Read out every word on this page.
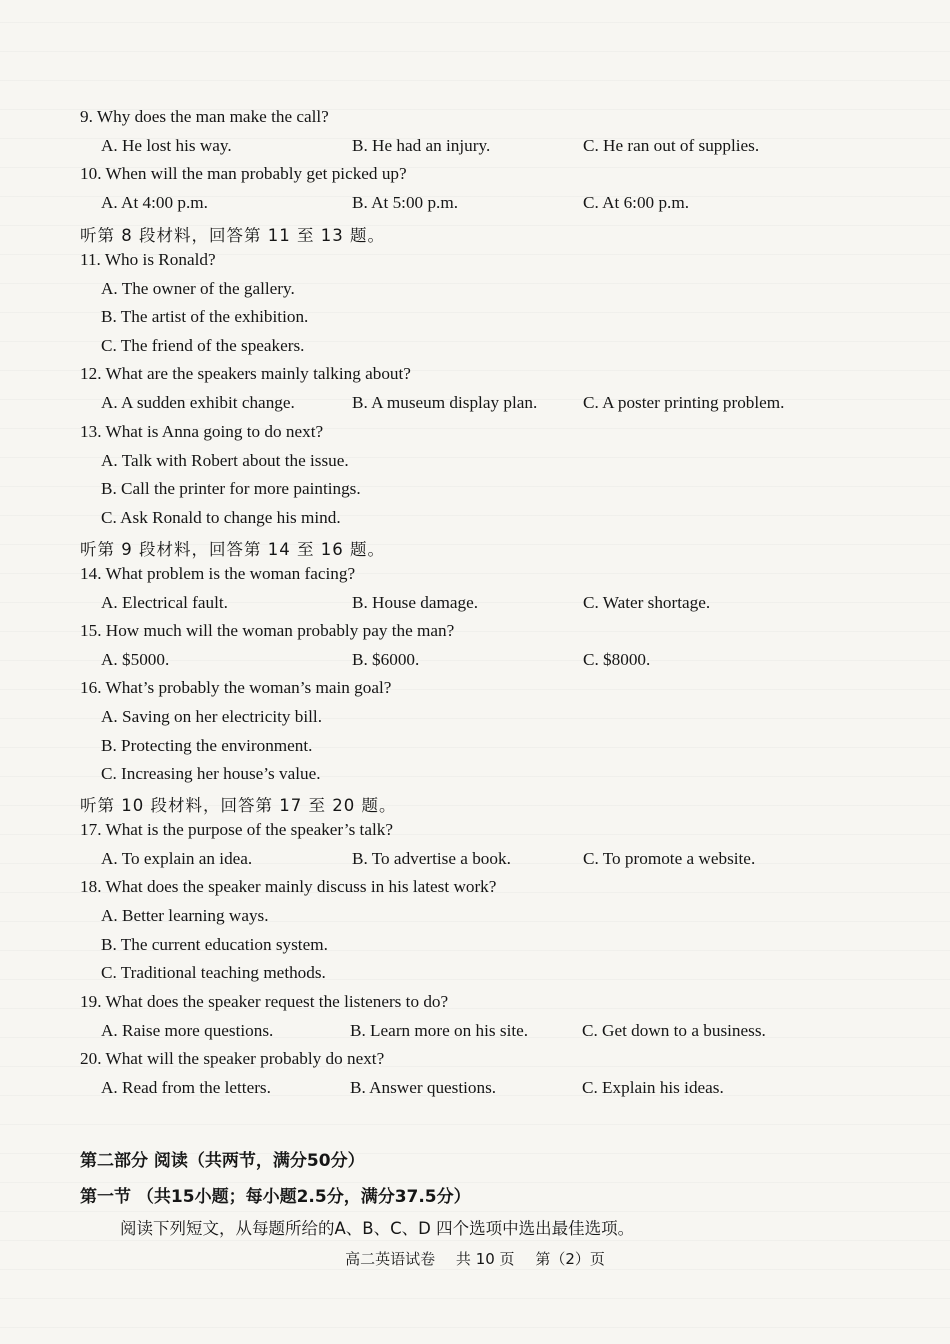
9. Why does the man make the call?
A. He lost his way.	B. He had an injury.	C. He ran out of supplies.
10. When will the man probably get picked up?
A. At 4:00 p.m.	B. At 5:00 p.m.	C. At 6:00 p.m.
听第 8 段材料，回答第 11 至 13 题。
11. Who is Ronald?
A. The owner of the gallery.
B. The artist of the exhibition.
C. The friend of the speakers.
12. What are the speakers mainly talking about?
A. A sudden exhibit change.	B. A museum display plan.	C. A poster printing problem.
13. What is Anna going to do next?
A. Talk with Robert about the issue.
B. Call the printer for more paintings.
C. Ask Ronald to change his mind.
听第 9 段材料，回答第 14 至 16 题。
14. What problem is the woman facing?
A. Electrical fault.	B. House damage.	C. Water shortage.
15. How much will the woman probably pay the man?
A. $5000.	B. $6000.	C. $8000.
16. What’s probably the woman’s main goal?
A. Saving on her electricity bill.
B. Protecting the environment.
C. Increasing her house’s value.
听第 10 段材料，回答第 17 至 20 题。
17. What is the purpose of the speaker’s talk?
A. To explain an idea.	B. To advertise a book.	C. To promote a website.
18. What does the speaker mainly discuss in his latest work?
A. Better learning ways.
B. The current education system.
C. Traditional teaching methods.
19. What does the speaker request the listeners to do?
A. Raise more questions.	B. Learn more on his site.	C. Get down to a business.
20. What will the speaker probably do next?
A. Read from the letters.	B. Answer questions.	C. Explain his ideas.
第二部分 阅读（共两节，满分50分）
第一节 （共15小题；每小题2.5分，满分37.5分）
阅读下列短文，从每题所给的A、B、C、D 四个选项中选出最佳选项。
高二英语试卷 共 10 页 第（2）页
